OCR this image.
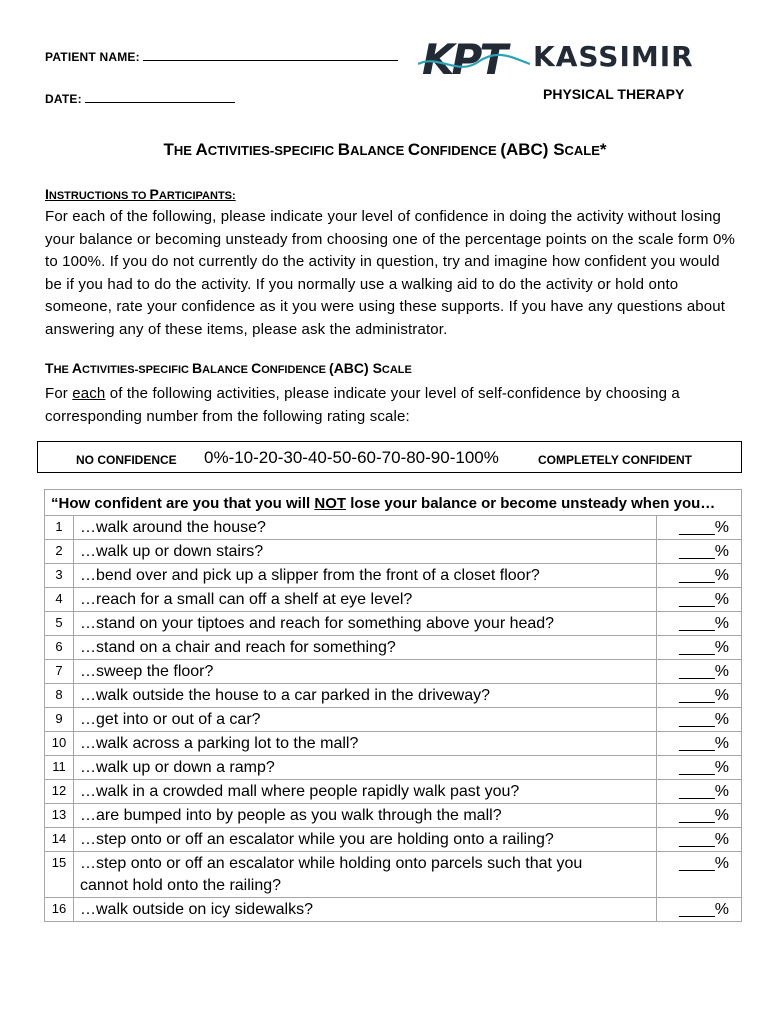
PATIENT NAME:
DATE:
KPT KASSIMIR
PHYSICAL THERAPY
THE ACTIVITIES-SPECIFIC BALANCE CONFIDENCE (ABC) SCALE*
INSTRUCTIONS TO PARTICIPANTS:
For each of the following, please indicate your level of confidence in doing the activity without losing your balance or becoming unsteady from choosing one of the percentage points on the scale form 0% to 100%. If you do not currently do the activity in question, try and imagine how confident you would be if you had to do the activity. If you normally use a walking aid to do the activity or hold onto someone, rate your confidence as it you were using these supports. If you have any questions about answering any of these items, please ask the administrator.
THE ACTIVITIES-SPECIFIC BALANCE CONFIDENCE (ABC) SCALE
For each of the following activities, please indicate your level of self-confidence by choosing a corresponding number from the following rating scale:
NO CONFIDENCE 0%-10-20-30-40-50-60-70-80-90-100%	COMPLETELY CONFIDENT
“How confident are you that you will NOT lose your balance or become unsteady when you…		
1	…walk around the house?	____%
2	…walk up or down stairs?	____%
3	…bend over and pick up a slipper from the front of a closet floor?	____%
4	…reach for a small can off a shelf at eye level?	____%
5	…stand on your tiptoes and reach for something above your head?	____%
6	…stand on a chair and reach for something?	____%
7	…sweep the floor?	____%
8	…walk outside the house to a car parked in the driveway?	____%
9	…get into or out of a car?	____%
10	…walk across a parking lot to the mall?	____%
11	…walk up or down a ramp?	____%
12	…walk in a crowded mall where people rapidly walk past you?	____%
13	…are bumped into by people as you walk through the mall?	____%
14	…step onto or off an escalator while you are holding onto a railing?	____%
15	…step onto or off an escalator while holding onto parcels such that you cannot hold onto the railing?	____%
16	…walk outside on icy sidewalks?	____%
